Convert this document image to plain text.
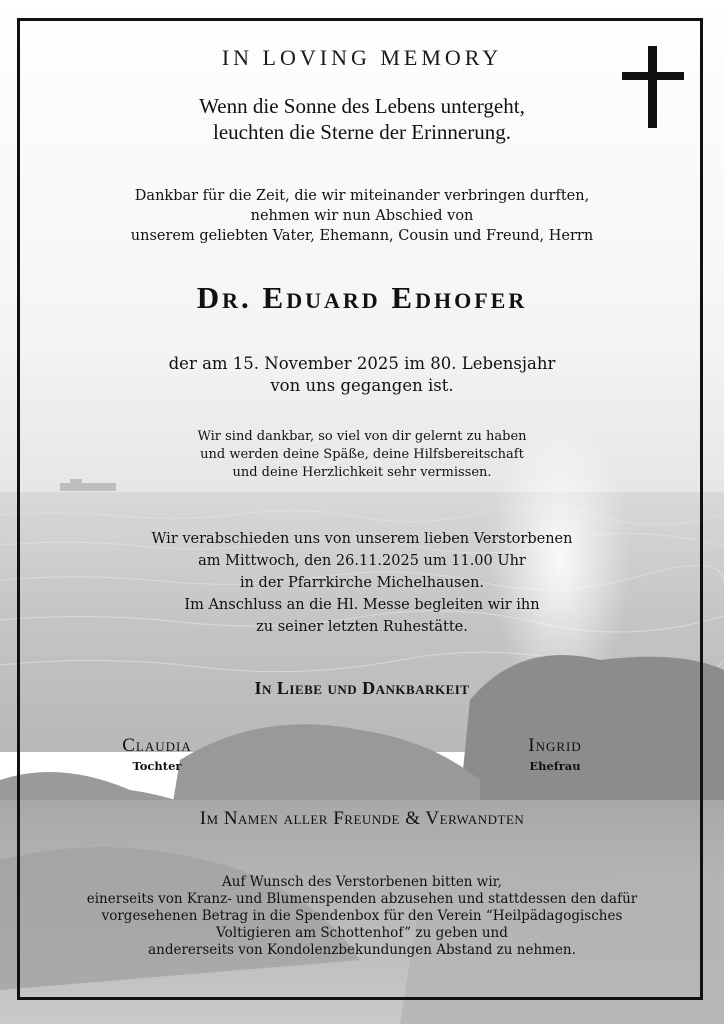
IN LOVING MEMORY
Wenn die Sonne des Lebens untergeht,
leuchten die Sterne der Erinnerung.
Dankbar für die Zeit, die wir miteinander verbringen durften,
nehmen wir nun Abschied von
unserem geliebten Vater, Ehemann, Cousin und Freund, Herrn
Dr. Eduard Edhofer
der am 15. November 2025 im 80. Lebensjahr
von uns gegangen ist.
Wir sind dankbar, so viel von dir gelernt zu haben
und werden deine Späße, deine Hilfsbereitschaft
und deine Herzlichkeit sehr vermissen.
Wir verabschieden uns von unserem lieben Verstorbenen
am Mittwoch, den 26.11.2025 um 11.00 Uhr
in der Pfarrkirche Michelhausen.
Im Anschluss an die Hl. Messe begleiten wir ihn
zu seiner letzten Ruhestätte.
In Liebe und Dankbarkeit
Claudia
Tochter
Ingrid
Ehefrau
Im Namen aller Freunde & Verwandten
Auf Wunsch des Verstorbenen bitten wir,
einerseits von Kranz- und Blumenspenden abzusehen und stattdessen den dafür
vorgesehenen Betrag in die Spendenbox für den Verein “Heilpädagogisches
Voltigieren am Schottenhof” zu geben und
andererseits von Kondolenzbekundungen Abstand zu nehmen.
